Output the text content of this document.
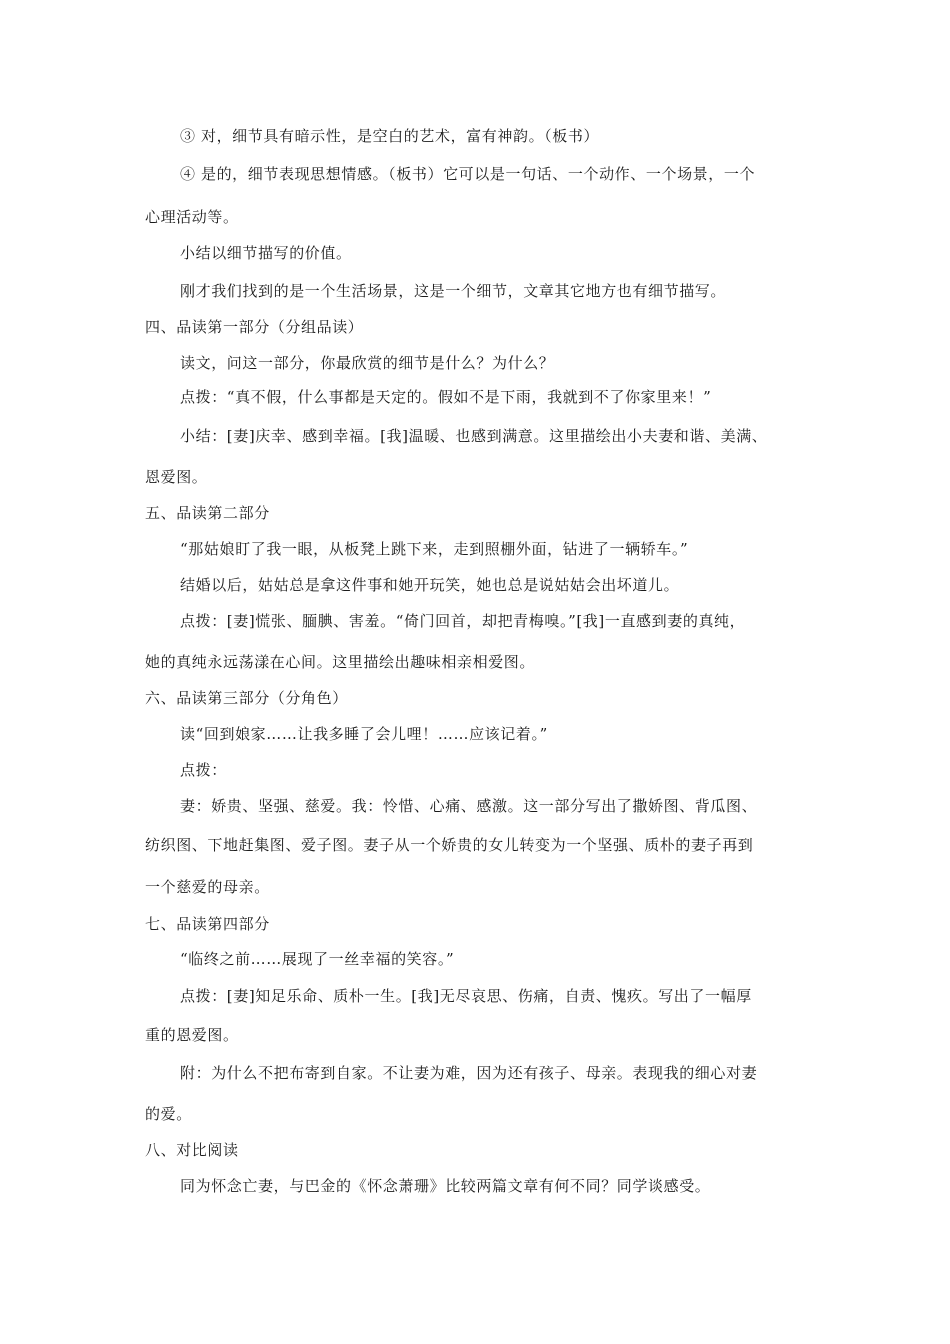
③ 对，细节具有暗示性，是空白的艺术，富有神韵。（板书）
④ 是的，细节表现思想情感。（板书）它可以是一句话、一个动作、一个场景，一个
心理活动等。
小结以细节描写的价值。
刚才我们找到的是一个生活场景，这是一个细节，文章其它地方也有细节描写。
四、品读第一部分（分组品读）
读文，问这一部分，你最欣赏的细节是什么？为什么？
点拨：“真不假，什么事都是天定的。假如不是下雨，我就到不了你家里来！”
小结：[妻]庆幸、感到幸福。[我]温暖、也感到满意。这里描绘出小夫妻和谐、美满、
恩爱图。
五、品读第二部分
“那姑娘盯了我一眼，从板凳上跳下来，走到照棚外面，钻进了一辆轿车。”
结婚以后，姑姑总是拿这件事和她开玩笑，她也总是说姑姑会出坏道儿。
点拨：[妻]慌张、腼腆、害羞。“倚门回首，却把青梅嗅。”[我]一直感到妻的真纯，
她的真纯永远荡漾在心间。这里描绘出趣味相亲相爱图。
六、品读第三部分（分角色）
读“回到娘家……让我多睡了会儿哩！……应该记着。”
点拨：
妻：娇贵、坚强、慈爱。我：怜惜、心痛、感激。这一部分写出了撒娇图、背瓜图、
纺织图、下地赶集图、爱子图。妻子从一个娇贵的女儿转变为一个坚强、质朴的妻子再到
一个慈爱的母亲。
七、品读第四部分
“临终之前……展现了一丝幸福的笑容。”
点拨：[妻]知足乐命、质朴一生。[我]无尽哀思、伤痛，自责、愧疚。写出了一幅厚
重的恩爱图。
附：为什么不把布寄到自家。不让妻为难，因为还有孩子、母亲。表现我的细心对妻
的爱。
八、对比阅读
同为怀念亡妻，与巴金的《怀念萧珊》比较两篇文章有何不同？同学谈感受。
